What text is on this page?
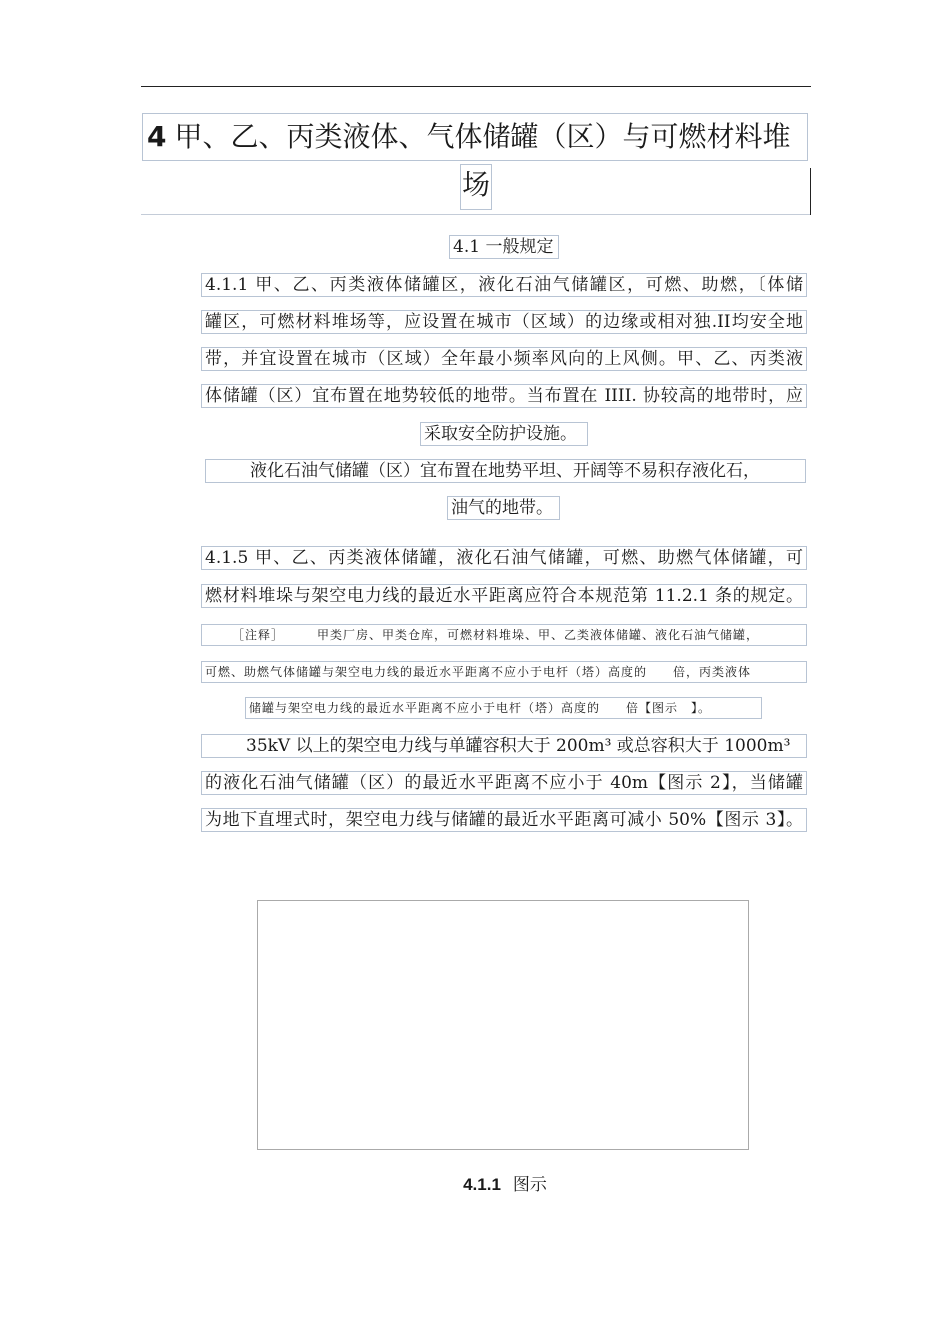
4 甲、乙、丙类液体、气体储罐（区）与可燃材料堆
场
4.1 一般规定
4.1.1 甲、乙、丙类液体储罐区，液化石油气储罐区，可燃、助燃，〔体储
罐区，可燃材料堆场等，应设置在城市（区域）的边缘或相对独.II均安全地
带，并宜设置在城市（区域）全年最小频率风向的上风侧。甲、乙、丙类液
体储罐（区）宜布置在地势较低的地带。当布置在 IIII. 协较高的地带时，应
采取安全防护设施。
液化石油气储罐（区）宜布置在地势平坦、开阔等不易积存液化石，
油气的地带。
4.1.5 甲、乙、丙类液体储罐，液化石油气储罐，可燃、助燃气体储罐，可
燃材料堆垛与架空电力线的最近水平距离应符合本规范第 11.2.1 条的规定。
［注释］　　　甲类厂房、甲类仓库，可燃材料堆垛、甲、乙类液体储罐、液化石油气储罐，
可燃、助燃气体储罐与架空电力线的最近水平距离不应小于电杆（塔）高度的　　倍，丙类液体
储罐与架空电力线的最近水平距离不应小于电杆（塔）高度的　　倍【图示　】。
35kV 以上的架空电力线与单罐容积大于 200m³ 或总容积大于 1000m³
的液化石油气储罐（区）的最近水平距离不应小于 40m【图示 2】，当储罐
为地下直埋式时，架空电力线与储罐的最近水平距离可减小 50%【图示 3】。
4.1.1 图示
